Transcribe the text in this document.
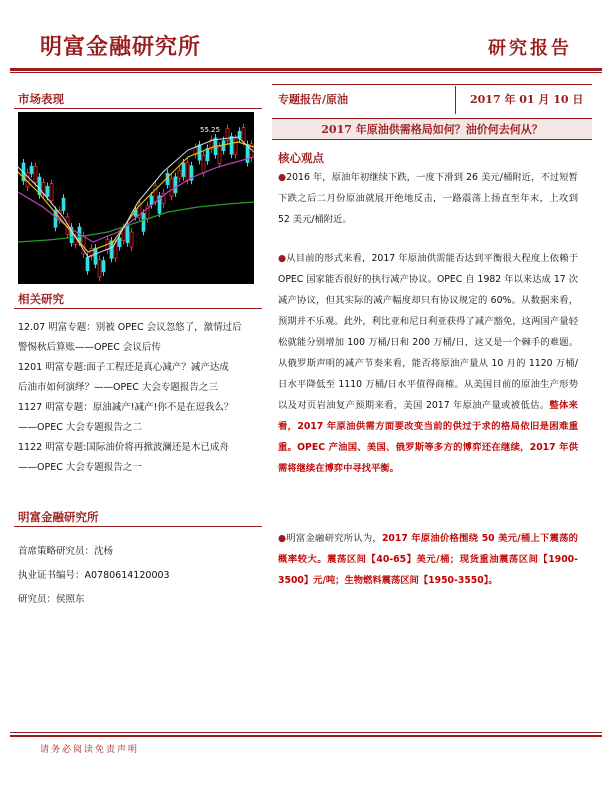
明富金融研究所	研究报告
市场表现
55.25
相关研究
12.07 明富专题：别被 OPEC 会议忽悠了，激情过后
警惕秋后算账——OPEC 会议后传
1201 明富专题:面子工程还是真心减产？减产达成
后油市如何演绎？——OPEC 大会专题报告之三
1127 明富专题：原油减产!减产!你不是在逗我么？
——OPEC 大会专题报告之二
1122 明富专题:国际油价将再掀波澜还是木已成舟
——OPEC 大会专题报告之一
明富金融研究所
首席策略研究员：沈杨
执业证书编号：A0780614120003
研究员：侯照东
专题报告/原油	2017 年 01 月 10 日
2017 年原油供需格局如何？油价何去何从？
核心观点
●2016 年，原油年初继续下跌，一度下滑到 26 美元/桶附近，不过短暂下跌之后二月份原油就展开绝地反击，一路震荡上扬直至年末，上攻到 52 美元/桶附近。
●从目前的形式来看，2017 年原油供需能否达到平衡很大程度上依赖于 OPEC 国家能否很好的执行减产协议。OPEC 自 1982 年以来达成 17 次减产协议，但其实际的减产幅度却只有协议规定的 60%。从数据来看，预期并不乐观。此外，利比亚和尼日利亚获得了减产豁免，这两国产量轻松就能分别增加 100 万桶/日和 200 万桶/日，这又是一个棘手的难题。从俄罗斯声明的减产节奏来看，能否将原油产量从 10 月的 1120 万桶/日水平降低至 1110 万桶/日水平值得商榷。从美国目前的原油生产形势以及对页岩油复产预期来看，美国 2017 年原油产量或被低估。整体来看，2017 年原油供需方面要改变当前的供过于求的格局依旧是困难重重。OPEC 产油国、美国、俄罗斯等多方的博弈还在继续，2017 年供需将继续在博弈中寻找平衡。
●明富金融研究所认为，2017 年原油价格围绕 50 美元/桶上下震荡的概率较大。震荡区间【40-65】美元/桶；现货重油震荡区间【1900-3500】元/吨；生物燃料震荡区间【1950-3550】。
请务必阅读免责声明
